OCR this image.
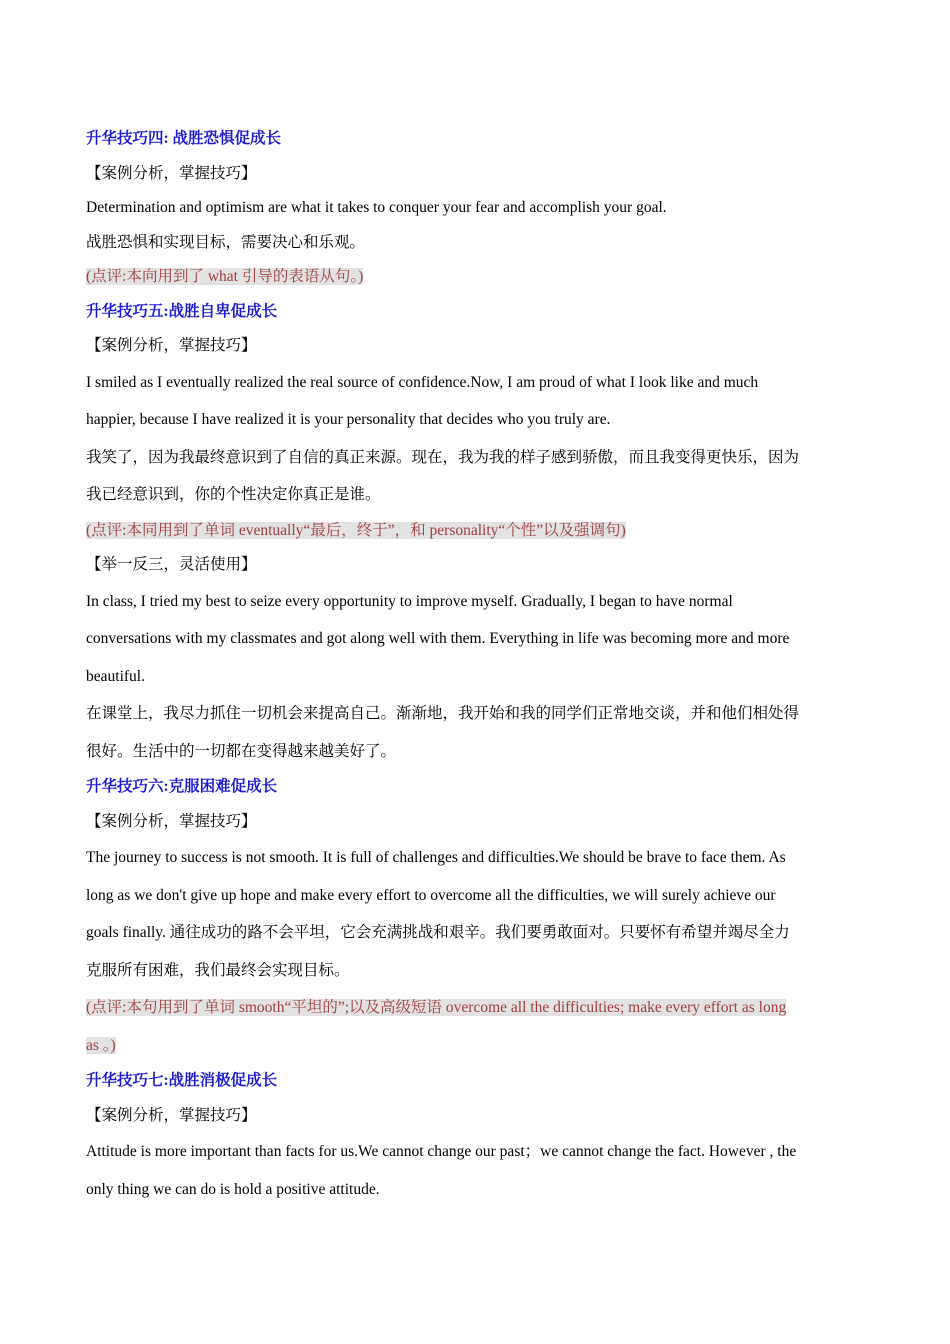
升华技巧四: 战胜恐惧促成长
【案例分析，掌握技巧】
Determination and optimism are what it takes to conquer your fear and accomplish your goal.
战胜恐惧和实现目标，需要决心和乐观。
(点评:本向用到了 what 引导的表语从句。)
升华技巧五:战胜自卑促成长
【案例分析，掌握技巧】
I smiled as I eventually realized the real source of confidence.Now, I am proud of what I look like and much
happier, because I have realized it is your personality that decides who you truly are.
我笑了，因为我最终意识到了自信的真正来源。现在，我为我的样子感到骄傲，而且我变得更快乐，因为
我已经意识到，你的个性决定你真正是谁。
(点评:本同用到了单词 eventually“最后，终于”，和 personality“个性”以及强调句)
【举一反三，灵活使用】
In class, I tried my best to seize every opportunity to improve myself. Gradually, I began to have normal
conversations with my classmates and got along well with them. Everything in life was becoming more and more
beautiful.
在课堂上，我尽力抓住一切机会来提高自己。渐渐地，我开始和我的同学们正常地交谈，并和他们相处得
很好。生活中的一切都在变得越来越美好了。
升华技巧六:克服困难促成长
【案例分析，掌握技巧】
The journey to success is not smooth. It is full of challenges and difficulties.We should be brave to face them. As
long as we don't give up hope and make every effort to overcome all the difficulties, we will surely achieve our
goals finally. 通往成功的路不会平坦，它会充满挑战和艰辛。我们要勇敢面对。只要怀有希望并竭尽全力
克服所有困难，我们最终会实现目标。
(点评:本句用到了单词 smooth“平坦的”;以及高级短语 overcome all the difficulties; make every effort as long
as 。)
升华技巧七:战胜消极促成长
【案例分析，掌握技巧】
Attitude is more important than facts for us.We cannot change our past；we cannot change the fact. However , the
only thing we can do is hold a positive attitude.
